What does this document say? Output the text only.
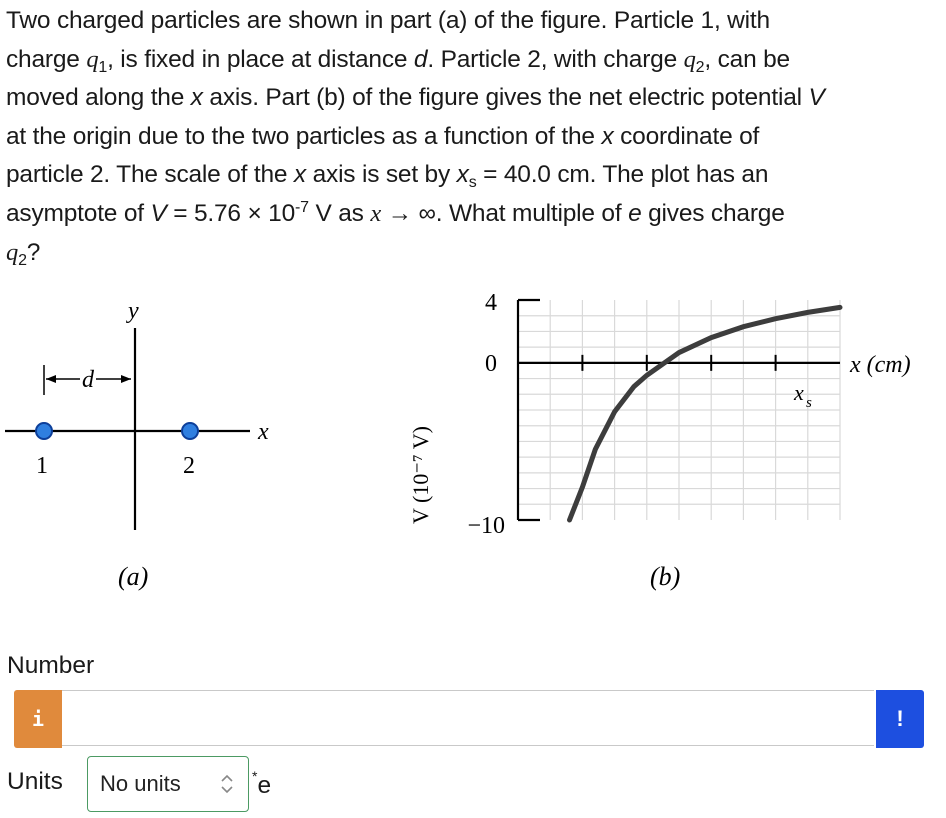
Two charged particles are shown in part (a) of the figure. Particle 1, with
charge $q_1$, is fixed in place at distance d. Particle 2, with charge $q_2$, can be
moved along the x axis. Part (b) of the figure gives the net electric potential V
at the origin due to the two particles as a function of the x coordinate of
particle 2. The scale of the x axis is set by $x_s = 40.0$ cm. The plot has an
asymptote of $V = 5.76 \times 10^{-7}$ V as x → ∞. What multiple of e gives charge
$q_2$?
y
x
d
1	2
(a)
4
0
−10
x (cm)
V (10⁻⁷ V)
x s
(b)
Number
i	!
Units No units	*e
